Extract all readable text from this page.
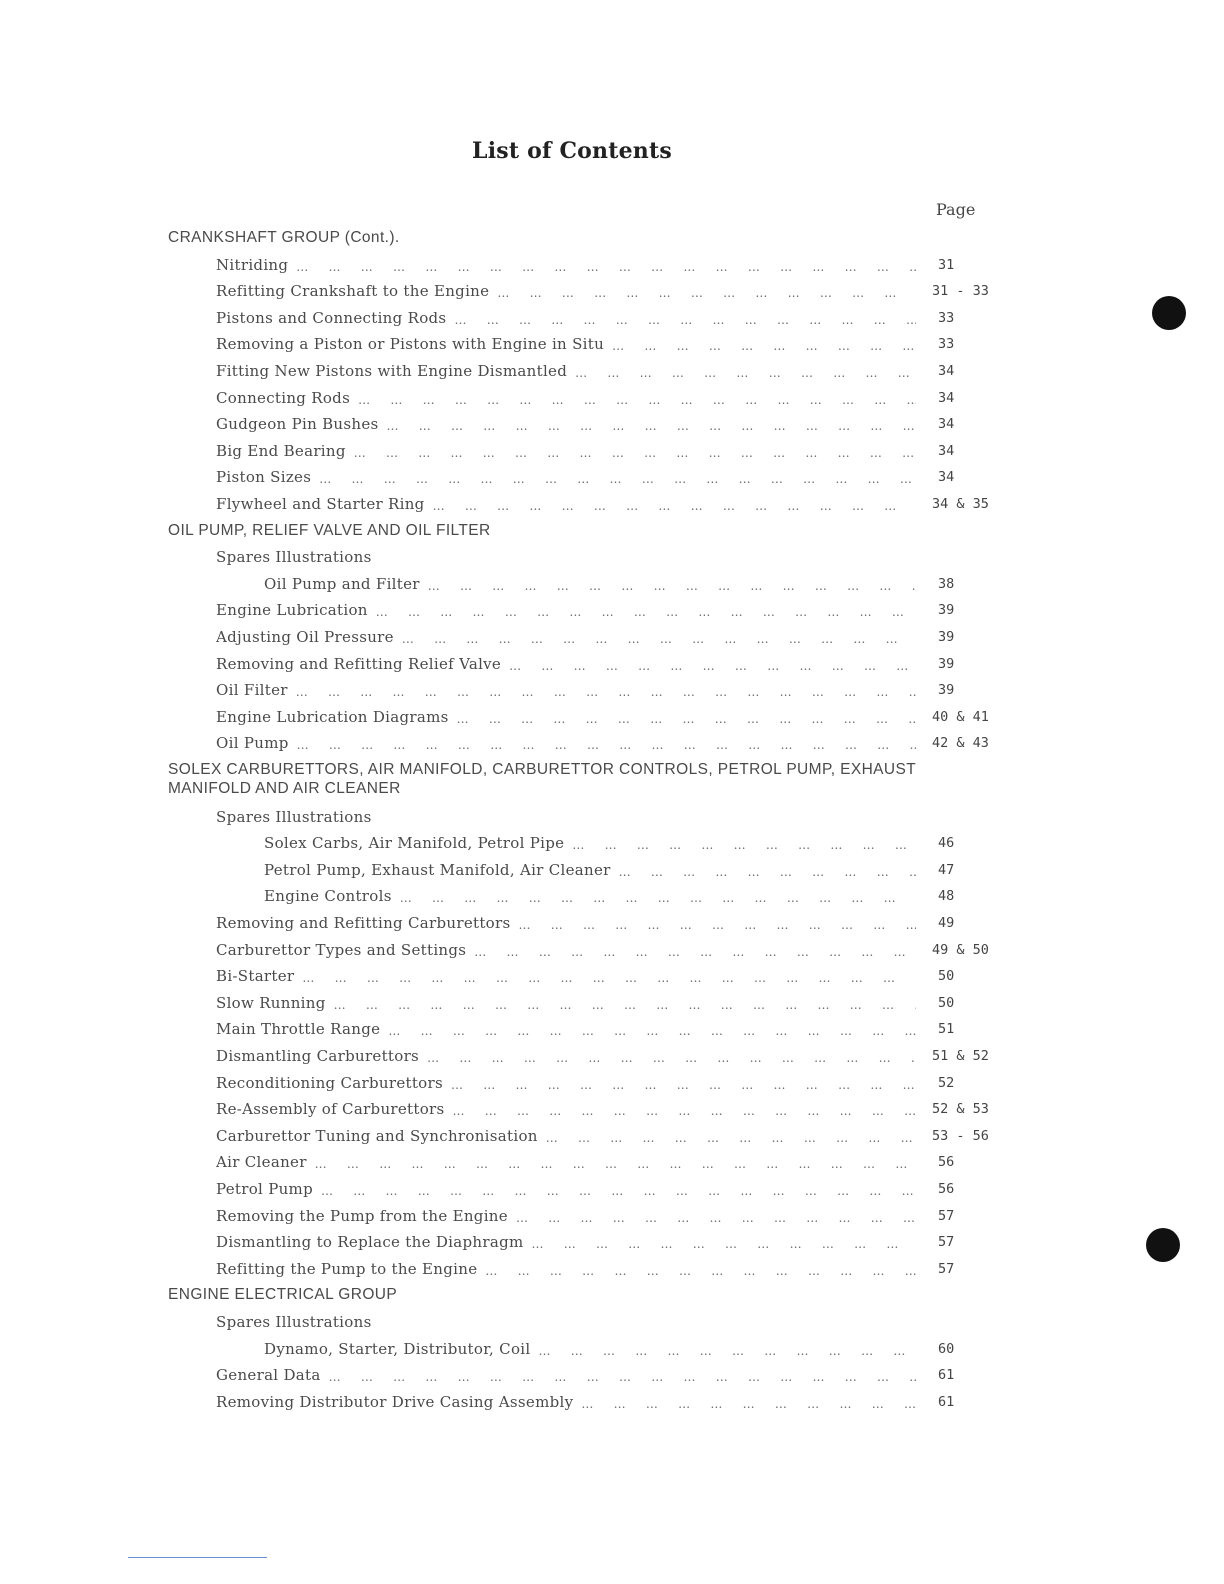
List of Contents
Page
CRANKSHAFT GROUP (Cont.).
Nitriding … … … … … … … … … … … … … … … … … … … … … … … … … … … … … … … … … … …	31
Refitting Crankshaft to the Engine … … … … … … … … … … … … … … … … … … … … … … … … … … … … … … … … … … …	31 - 33
Pistons and Connecting Rods … … … … … … … … … … … … … … … … … … … … … … … … … … … … … … … … … … …	33
Removing a Piston or Pistons with Engine in Situ … … … … … … … … … … … … … … … … … … … … … … … … … … … … … … … … … … …	33
Fitting New Pistons with Engine Dismantled … … … … … … … … … … … … … … … … … … … … … … … … … … … … … … … … … … …	34
Connecting Rods … … … … … … … … … … … … … … … … … … … … … … … … … … … … … … … … … … …	34
Gudgeon Pin Bushes … … … … … … … … … … … … … … … … … … … … … … … … … … … … … … … … … … …	34
Big End Bearing … … … … … … … … … … … … … … … … … … … … … … … … … … … … … … … … … … …	34
Piston Sizes … … … … … … … … … … … … … … … … … … … … … … … … … … … … … … … … … … …	34
Flywheel and Starter Ring … … … … … … … … … … … … … … … … … … … … … … … … … … … … … … … … … … …	34 & 35
OIL PUMP, RELIEF VALVE AND OIL FILTER
Spares Illustrations
Oil Pump and Filter … … … … … … … … … … … … … … … … … … … … … … … … … … … … … … … … … … …	38
Engine Lubrication … … … … … … … … … … … … … … … … … … … … … … … … … … … … … … … … … … …	39
Adjusting Oil Pressure … … … … … … … … … … … … … … … … … … … … … … … … … … … … … … … … … … …	39
Removing and Refitting Relief Valve … … … … … … … … … … … … … … … … … … … … … … … … … … … … … … … … … … …	39
Oil Filter … … … … … … … … … … … … … … … … … … … … … … … … … … … … … … … … … … …	39
Engine Lubrication Diagrams … … … … … … … … … … … … … … … … … … … … … … … … … … … … … … … … … … …	40 & 41
Oil Pump … … … … … … … … … … … … … … … … … … … … … … … … … … … … … … … … … … …	42 & 43
SOLEX CARBURETTORS, AIR MANIFOLD, CARBURETTOR CONTROLS, PETROL PUMP, EXHAUST MANIFOLD AND AIR CLEANER
Spares Illustrations
Solex Carbs, Air Manifold, Petrol Pipe … … … … … … … … … … … … … … … … … … … … … … … … … … … … … … … … … … …	46
Petrol Pump, Exhaust Manifold, Air Cleaner … … … … … … … … … … … … … … … … … … … … … … … … … … … … … … … … … … …	47
Engine Controls … … … … … … … … … … … … … … … … … … … … … … … … … … … … … … … … … … …	48
Removing and Refitting Carburettors … … … … … … … … … … … … … … … … … … … … … … … … … … … … … … … … … … …	49
Carburettor Types and Settings … … … … … … … … … … … … … … … … … … … … … … … … … … … … … … … … … … …	49 & 50
Bi-Starter … … … … … … … … … … … … … … … … … … … … … … … … … … … … … … … … … … …	50
Slow Running … … … … … … … … … … … … … … … … … … … … … … … … … … … … … … … … … … …	50
Main Throttle Range … … … … … … … … … … … … … … … … … … … … … … … … … … … … … … … … … … …	51
Dismantling Carburettors … … … … … … … … … … … … … … … … … … … … … … … … … … … … … … … … … … …	51 & 52
Reconditioning Carburettors … … … … … … … … … … … … … … … … … … … … … … … … … … … … … … … … … … …	52
Re-Assembly of Carburettors … … … … … … … … … … … … … … … … … … … … … … … … … … … … … … … … … … …	52 & 53
Carburettor Tuning and Synchronisation … … … … … … … … … … … … … … … … … … … … … … … … … … … … … … … … … … …	53 - 56
Air Cleaner … … … … … … … … … … … … … … … … … … … … … … … … … … … … … … … … … … …	56
Petrol Pump … … … … … … … … … … … … … … … … … … … … … … … … … … … … … … … … … … …	56
Removing the Pump from the Engine … … … … … … … … … … … … … … … … … … … … … … … … … … … … … … … … … … …	57
Dismantling to Replace the Diaphragm … … … … … … … … … … … … … … … … … … … … … … … … … … … … … … … … … … …	57
Refitting the Pump to the Engine … … … … … … … … … … … … … … … … … … … … … … … … … … … … … … … … … … …	57
ENGINE ELECTRICAL GROUP
Spares Illustrations
Dynamo, Starter, Distributor, Coil … … … … … … … … … … … … … … … … … … … … … … … … … … … … … … … … … … …	60
General Data … … … … … … … … … … … … … … … … … … … … … … … … … … … … … … … … … … …	61
Removing Distributor Drive Casing Assembly … … … … … … … … … … … … … … … … … … … … … … … … … … … … … … … … … … …	61
